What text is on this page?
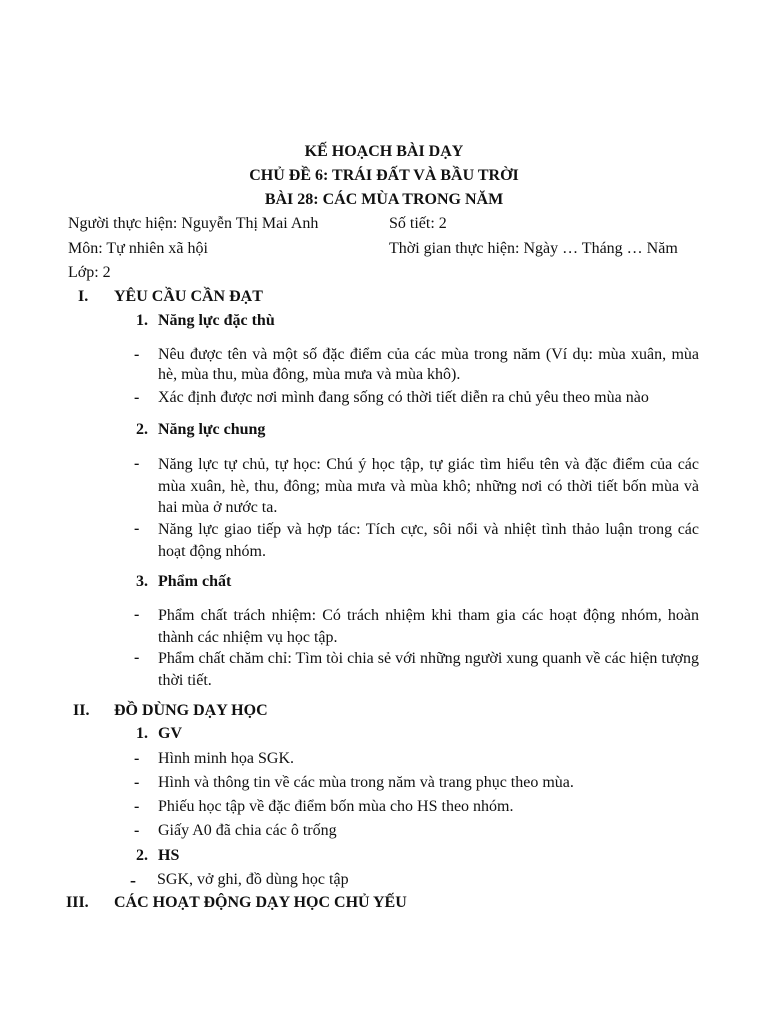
KẾ HOẠCH BÀI DẠY
CHỦ ĐỀ 6: TRÁI ĐẤT VÀ BẦU TRỜI
BÀI 28: CÁC MÙA TRONG NĂM
Người thực hiện: Nguyễn Thị Mai Anh	Số tiết: 2
Môn: Tự nhiên xã hội	Thời gian thực hiện: Ngày … Tháng … Năm
Lớp: 2
I. YÊU CẦU CẦN ĐẠT
1. Năng lực đặc thù
- Nêu được tên và một số đặc điểm của các mùa trong năm (Ví dụ: mùa xuân, mùa hè, mùa thu, mùa đông, mùa mưa và mùa khô).
- Xác định được nơi mình đang sống có thời tiết diễn ra chủ yêu theo mùa nào
2. Năng lực chung
- Năng lực tự chủ, tự học: Chú ý học tập, tự giác tìm hiểu tên và đặc điểm của các mùa xuân, hè, thu, đông; mùa mưa và mùa khô; những nơi có thời tiết bốn mùa và hai mùa ở nước ta.
- Năng lực giao tiếp và hợp tác: Tích cực, sôi nổi và nhiệt tình thảo luận trong các hoạt động nhóm.
3. Phẩm chất
- Phẩm chất trách nhiệm: Có trách nhiệm khi tham gia các hoạt động nhóm, hoàn thành các nhiệm vụ học tập.
- Phẩm chất chăm chỉ: Tìm tòi chia sẻ với những người xung quanh về các hiện tượng thời tiết.
II. ĐỒ DÙNG DẠY HỌC
1. GV
- Hình minh họa SGK.
- Hình và thông tin về các mùa trong năm và trang phục theo mùa.
- Phiếu học tập về đặc điểm bốn mùa cho HS theo nhóm.
- Giấy A0 đã chia các ô trống
2. HS
- SGK, vở ghi, đồ dùng học tập
III. CÁC HOẠT ĐỘNG DẠY HỌC CHỦ YẾU
